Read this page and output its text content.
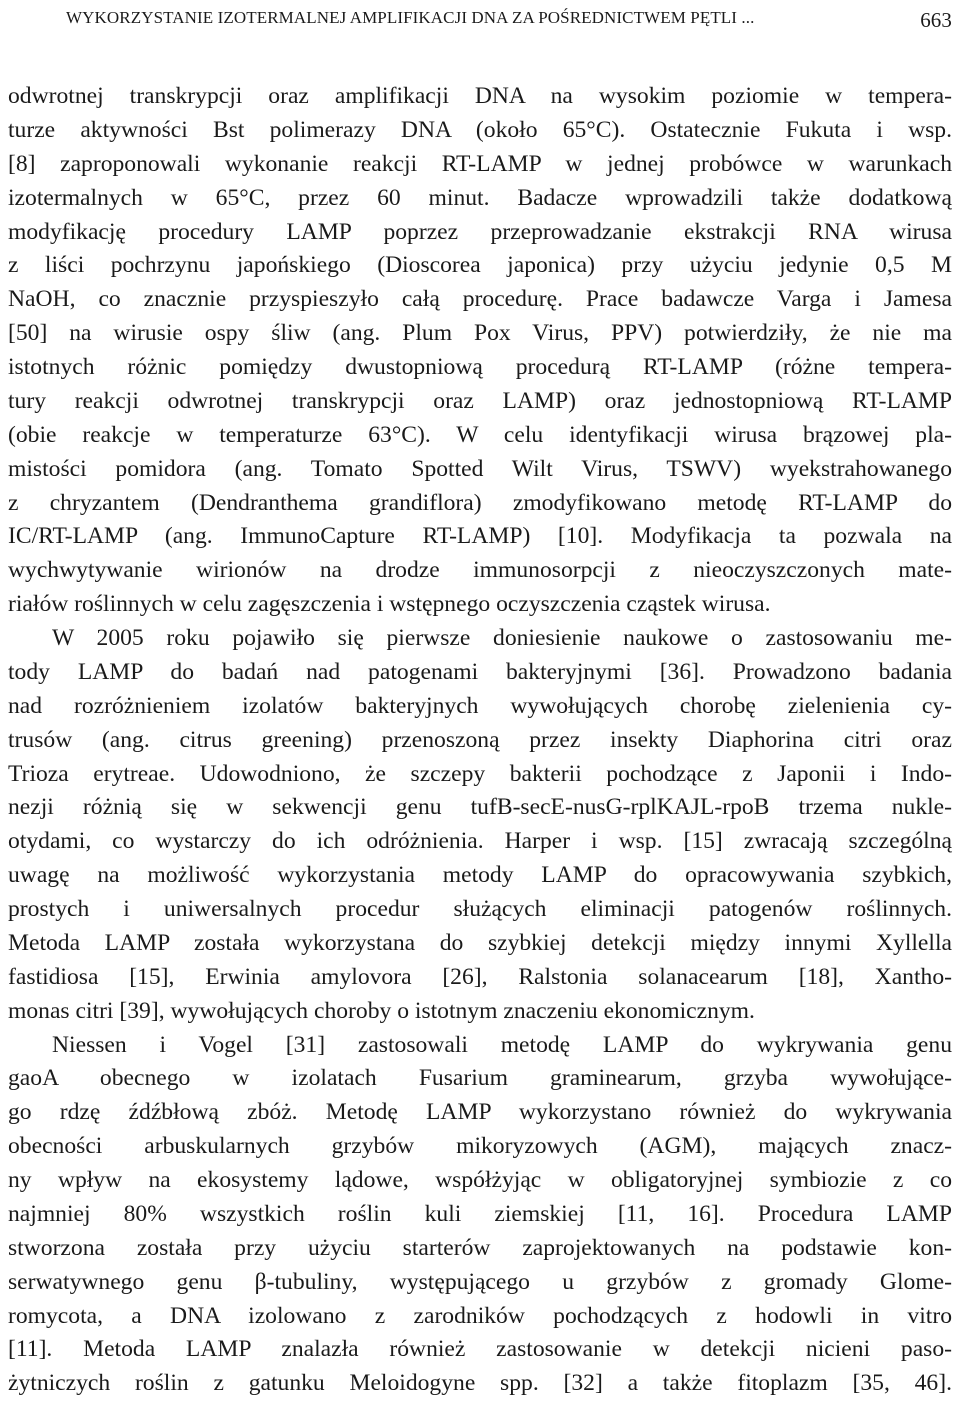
WYKORZYSTANIE IZOTERMALNEJ AMPLIFIKACJI DNA ZA POŚREDNICTWEM PĘTLI ...	663
odwrotnej transkrypcji oraz amplifikacji DNA na wysokim poziomie w tempera-
turze aktywności Bst polimerazy DNA (około 65°C). Ostatecznie Fukuta i wsp.
[8] zaproponowali wykonanie reakcji RT-LAMP w jednej probówce w warunkach
izotermalnych w 65°C, przez 60 minut. Badacze wprowadzili także dodatkową
modyfikację procedury LAMP poprzez przeprowadzanie ekstrakcji RNA wirusa
z liści pochrzynu japońskiego (Dioscorea japonica) przy użyciu jedynie 0,5 M
NaOH, co znacznie przyspieszyło całą procedurę. Prace badawcze Varga i Jamesa
[50] na wirusie ospy śliw (ang. Plum Pox Virus, PPV) potwierdziły, że nie ma
istotnych różnic pomiędzy dwustopniową procedurą RT-LAMP (różne tempera-
tury reakcji odwrotnej transkrypcji oraz LAMP) oraz jednostopniową RT-LAMP
(obie reakcje w temperaturze 63°C). W celu identyfikacji wirusa brązowej pla-
mistości pomidora (ang. Tomato Spotted Wilt Virus, TSWV) wyekstrahowanego
z chryzantem (Dendranthema grandiflora) zmodyfikowano metodę RT-LAMP do
IC/RT-LAMP (ang. ImmunoCapture RT-LAMP) [10]. Modyfikacja ta pozwala na
wychwytywanie wirionów na drodze immunosorpcji z nieoczyszczonych mate-
riałów roślinnych w celu zagęszczenia i wstępnego oczyszczenia cząstek wirusa.
W 2005 roku pojawiło się pierwsze doniesienie naukowe o zastosowaniu me-
tody LAMP do badań nad patogenami bakteryjnymi [36]. Prowadzono badania
nad rozróżnieniem izolatów bakteryjnych wywołujących chorobę zielenienia cy-
trusów (ang. citrus greening) przenoszoną przez insekty Diaphorina citri oraz
Trioza erytreae. Udowodniono, że szczepy bakterii pochodzące z Japonii i Indo-
nezji różnią się w sekwencji genu tufB-secE-nusG-rplKAJL-rpoB trzema nukle-
otydami, co wystarczy do ich odróżnienia. Harper i wsp. [15] zwracają szczególną
uwagę na możliwość wykorzystania metody LAMP do opracowywania szybkich,
prostych i uniwersalnych procedur służących eliminacji patogenów roślinnych.
Metoda LAMP została wykorzystana do szybkiej detekcji między innymi Xyllella
fastidiosa [15], Erwinia amylovora [26], Ralstonia solanacearum [18], Xantho-
monas citri [39], wywołujących choroby o istotnym znaczeniu ekonomicznym.
Niessen i Vogel [31] zastosowali metodę LAMP do wykrywania genu
gaoA obecnego w izolatach Fusarium graminearum, grzyba wywołujące-
go rdzę źdźbłową zbóż. Metodę LAMP wykorzystano również do wykrywania
obecności arbuskularnych grzybów mikoryzowych (AGM), mających znacz-
ny wpływ na ekosystemy lądowe, współżyjąc w obligatoryjnej symbiozie z co
najmniej 80% wszystkich roślin kuli ziemskiej [11, 16]. Procedura LAMP
stworzona została przy użyciu starterów zaprojektowanych na podstawie kon-
serwatywnego genu β-tubuliny, występującego u grzybów z gromady Glome-
romycota, a DNA izolowano z zarodników pochodzących z hodowli in vitro
[11]. Metoda LAMP znalazła również zastosowanie w detekcji nicieni paso-
żytniczych roślin z gatunku Meloidogyne spp. [32] a także fitoplazm [35, 46].
